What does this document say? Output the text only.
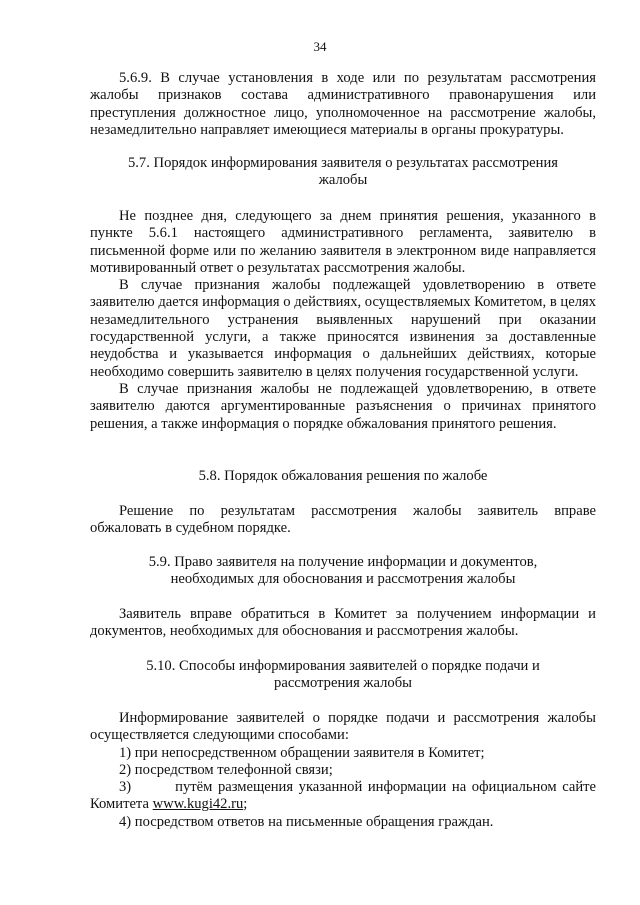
34

5.6.9. В случае установления в ходе или по результатам рассмотрения жалобы признаков состава административного правонарушения или преступления должностное лицо, уполномоченное на рассмотрение жалобы, незамедлительно направляет имеющиеся материалы в органы прокуратуры.

5.7. Порядок информирования заявителя о результатах рассмотрения

жалобы

Не позднее дня, следующего за днем принятия решения, указанного в пункте 5.6.1 настоящего административного регламента, заявителю в письменной форме или по желанию заявителя в электронном виде направляется мотивированный ответ о результатах рассмотрения жалобы.

В случае признания жалобы подлежащей удовлетворению в ответе заявителю дается информация о действиях, осуществляемых Комитетом, в целях незамедлительного устранения выявленных нарушений при оказании государственной услуги, а также приносятся извинения за доставленные неудобства и указывается информация о дальнейших действиях, которые необходимо совершить заявителю в целях получения государственной услуги.

В случае признания жалобы не подлежащей удовлетворению, в ответе заявителю даются аргументированные разъяснения о причинах принятого решения, а также информация о порядке обжалования принятого решения.

5.8. Порядок обжалования решения по жалобе

Решение по результатам рассмотрения жалобы заявитель вправе обжаловать в судебном порядке.

5.9. Право заявителя на получение информации и документов,

необходимых для обоснования и рассмотрения жалобы

Заявитель вправе обратиться в Комитет за получением информации и документов, необходимых для обоснования и рассмотрения жалобы.

5.10. Способы информирования заявителей о порядке подачи и

рассмотрения жалобы

Информирование заявителей о порядке подачи и рассмотрения жалобы осуществляется следующими способами:

1) при непосредственном обращении заявителя в Комитет;

2) посредством телефонной связи;

3)	путём размещения указанной информации на официальном сайте

Комитета www.kugi42.ru;

4) посредством ответов на письменные обращения граждан.
